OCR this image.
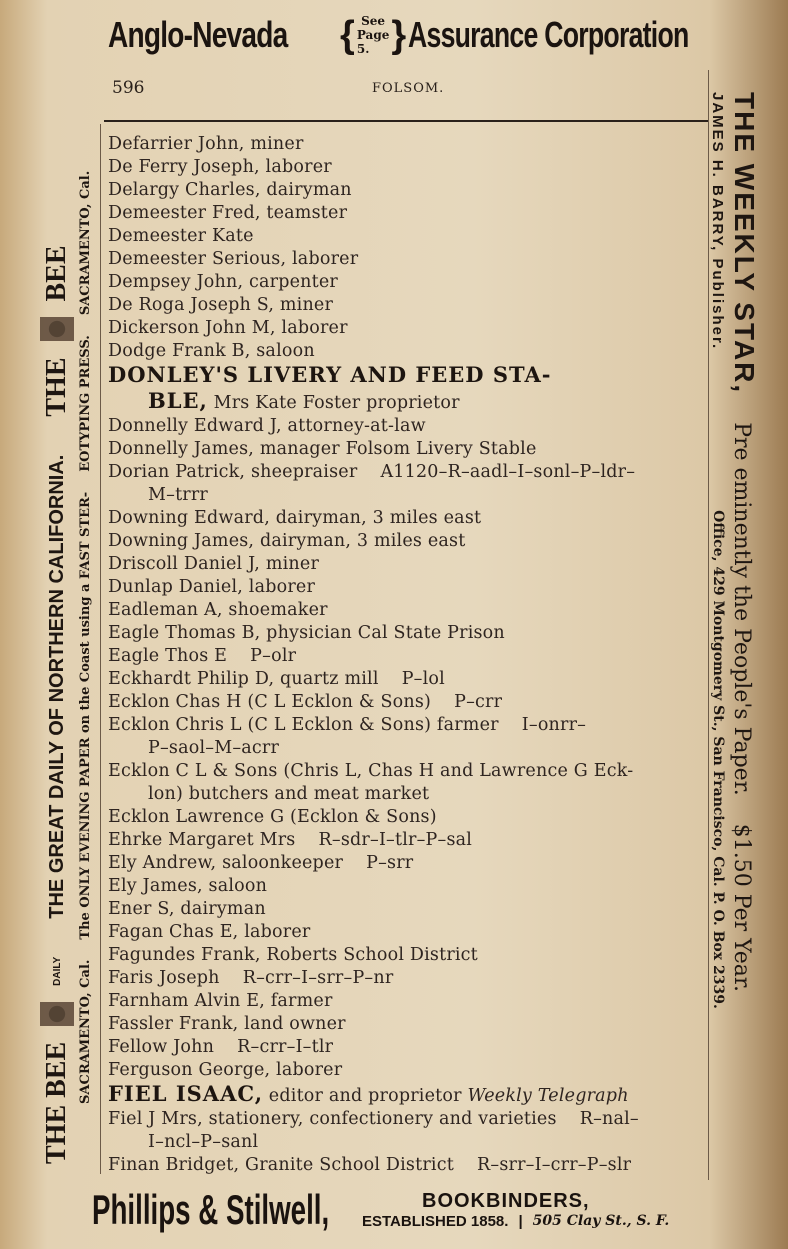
Anglo-Nevada { See
Page 5. } Assurance Corporation
596	FOLSOM.
Defarrier John, miner
De Ferry Joseph, laborer
Delargy Charles, dairyman
Demeester Fred, teamster
Demeester Kate
Demeester Serious, laborer
Dempsey John, carpenter
De Roga Joseph S, miner
Dickerson John M, laborer
Dodge Frank B, saloon
DONLEY'S LIVERY AND FEED STA-
BLE, Mrs Kate Foster proprietor
Donnelly Edward J, attorney-at-law
Donnelly James, manager Folsom Livery Stable
Dorian Patrick, sheepraiser    A1120–R–aadl–I–sonl–P–ldr–
M–trrr
Downing Edward, dairyman, 3 miles east
Downing James, dairyman, 3 miles east
Driscoll Daniel J, miner
Dunlap Daniel, laborer
Eadleman A, shoemaker
Eagle Thomas B, physician Cal State Prison
Eagle Thos E    P–olr
Eckhardt Philip D, quartz mill    P–lol
Ecklon Chas H (C L Ecklon & Sons)    P–crr
Ecklon Chris L (C L Ecklon & Sons) farmer    I–onrr–
P–saol–M–acrr
Ecklon C L & Sons (Chris L, Chas H and Lawrence G Eck-
lon) butchers and meat market
Ecklon Lawrence G (Ecklon & Sons)
Ehrke Margaret Mrs    R–sdr–I–tlr–P–sal
Ely Andrew, saloonkeeper    P–srr
Ely James, saloon
Ener S, dairyman
Fagan Chas E, laborer
Fagundes Frank, Roberts School District
Faris Joseph    R–crr–I–srr–P–nr
Farnham Alvin E, farmer
Fassler Frank, land owner
Fellow John    R–crr–I–tlr
Ferguson George, laborer
FIEL ISAAC, editor and proprietor Weekly Telegraph
Fiel J Mrs, stationery, confectionery and varieties    R–nal–
I–ncl–P–sanl
Finan Bridget, Granite School District    R–srr–I–crr–P–slr
Phillips & Stilwell,	BOOKBINDERS,
ESTABLISHED 1858. | 505 Clay St., S. F.
THE BEE
DAILY
THE GREAT DAILY OF NORTHERN CALIFORNIA.
THE
BEE
SACRAMENTO, Cal.
The ONLY EVENING PAPER on the Coast using a FAST STER-
EOTYPING PRESS.
SACRAMENTO, Cal.	THE WEEKLY STAR,
Pre eminently the People's Paper.
$1.50 Per Year.
JAMES H. BARRY, Publisher.
Office, 429 Montgomery St., San Francisco, Cal. P. O. Box 2339.
